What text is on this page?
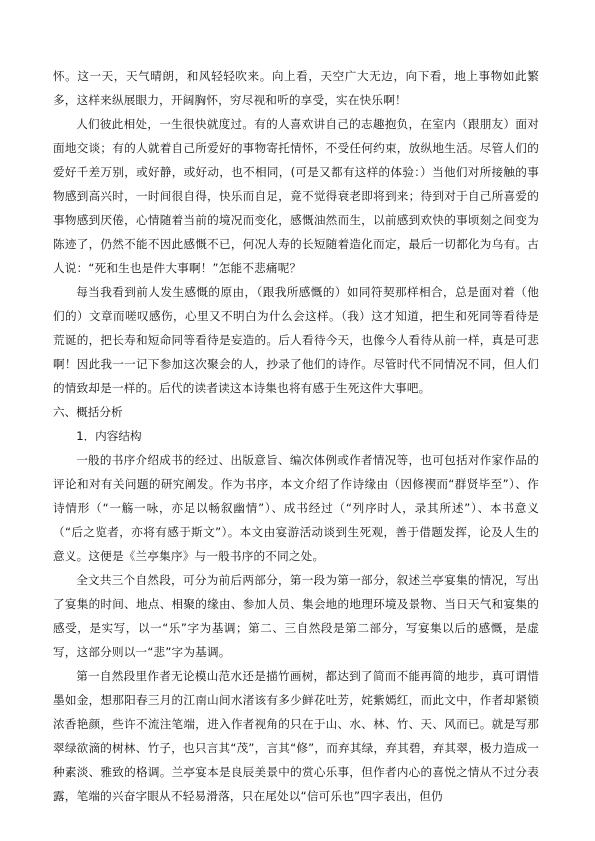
怀。这一天，天气晴朗，和风轻轻吹来。向上看，天空广大无边，向下看，地上事物如此繁多，这样来纵展眼力，开阔胸怀，穷尽视和听的享受，实在快乐啊！

人们彼此相处，一生很快就度过。有的人喜欢讲自己的志趣抱负，在室内（跟朋友）面对面地交谈；有的人就着自己所爱好的事物寄托情怀，不受任何约束，放纵地生活。尽管人们的爱好千差万别，或好静，或好动，也不相同，(可是又都有这样的体验：）当他们对所接触的事物感到高兴时，一时间很自得，快乐而自足，竟不觉得衰老即将到来；待到对于自己所喜爱的事物感到厌倦，心情随着当前的境况而变化，感慨油然而生，以前感到欢快的事顷刻之间变为陈迹了，仍然不能不因此感慨不已，何况人寿的长短随着造化而定，最后一切都化为乌有。古人说：“死和生也是件大事啊！”怎能不悲痛呢？

每当我看到前人发生感慨的原由，（跟我所感慨的）如同符契那样相合，总是面对着（他们的）文章而嗟叹感伤，心里又不明白为什么会这样。（我）这才知道，把生和死同等看待是荒诞的，把长寿和短命同等看待是妄造的。后人看待今天，也像今人看待从前一样，真是可悲啊！因此我一一记下参加这次聚会的人，抄录了他们的诗作。尽管时代不同情况不同，但人们的情致却是一样的。后代的读者读这本诗集也将有感于生死这件大事吧。

六、概括分析

1．内容结构

一般的书序介绍成书的经过、出版意旨、编次体例或作者情况等，也可包括对作家作品的评论和对有关问题的研究阐发。作为书序，本文介绍了作诗缘由（因修禊而“群贤毕至”）、作诗情形（“一觞一咏，亦足以畅叙幽情”）、成书经过（“列序时人，录其所述”）、本书意义（“后之览者，亦将有感于斯文”）。本文由宴游活动谈到生死观，善于借题发挥，论及人生的意义。这便是《兰亭集序》与一般书序的不同之处。

全文共三个自然段，可分为前后两部分，第一段为第一部分，叙述兰亭宴集的情况，写出了宴集的时间、地点、相聚的缘由、参加人员、集会地的地理环境及景物、当日天气和宴集的感受，是实写，以一“乐”字为基调；第二、三自然段是第二部分，写宴集以后的感慨，是虚写，这部分则以一“悲”字为基调。

第一自然段里作者无论模山范水还是描竹画树，都达到了简而不能再简的地步，真可谓惜墨如金，想那阳春三月的江南山间水渚该有多少鲜花吐芳，姹紫嫣红，而此文中，作者却紧锁浓香艳颜，些许不流注笔端，进入作者视角的只在于山、水、林、竹、天、风而已。就是写那翠绿欲滴的树林、竹子，也只言其“茂”，言其“修”，而弃其绿，弃其碧，弃其翠，极力造成一种素淡、雅致的格调。兰亭宴本是良辰美景中的赏心乐事，但作者内心的喜悦之情从不过分表露，笔端的兴奋字眼从不轻易滑落，只在尾处以“信可乐也”四字表出，但仍
